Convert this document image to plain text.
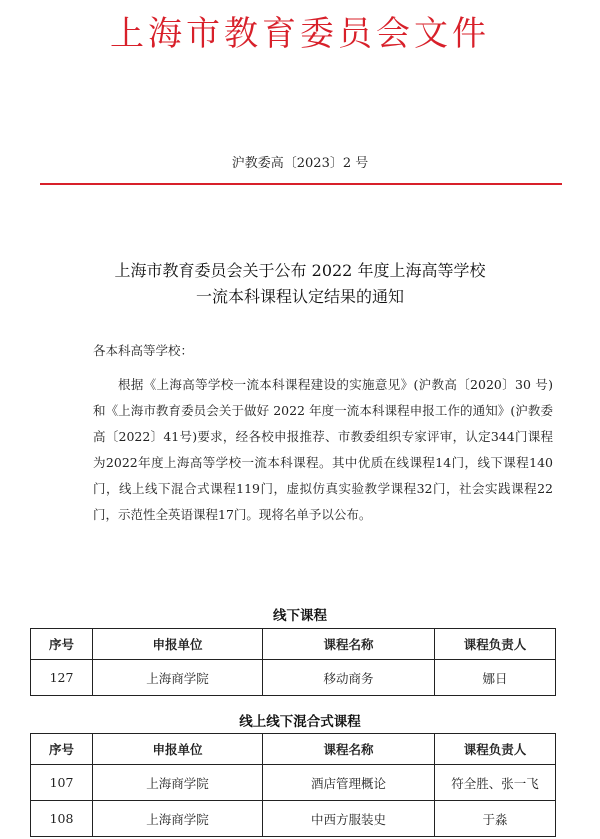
上海市教育委员会文件
沪教委高〔2023〕2 号
上海市教育委员会关于公布 2022 年度上海高等学校
一流本科课程认定结果的通知
各本科高等学校：
根据《上海高等学校一流本科课程建设的实施意见》(沪教高〔2020〕30 号)和《上海市教育委员会关于做好 2022 年度一流本科课程申报工作的通知》(沪教委高〔2022〕41号)要求，经各校申报推荐、市教委组织专家评审，认定344门课程为2022年度上海高等学校一流本科课程。其中优质在线课程14门，线下课程140门，线上线下混合式课程119门，虚拟仿真实验教学课程32门，社会实践课程22 门，示范性全英语课程17门。现将名单予以公布。
线下课程
序号	申报单位	课程名称	课程负责人
127	上海商学院	移动商务	娜日
线上线下混合式课程
序号	申报单位	课程名称	课程负责人
107	上海商学院	酒店管理概论	符全胜、张一飞
108	上海商学院	中西方服装史	于淼
